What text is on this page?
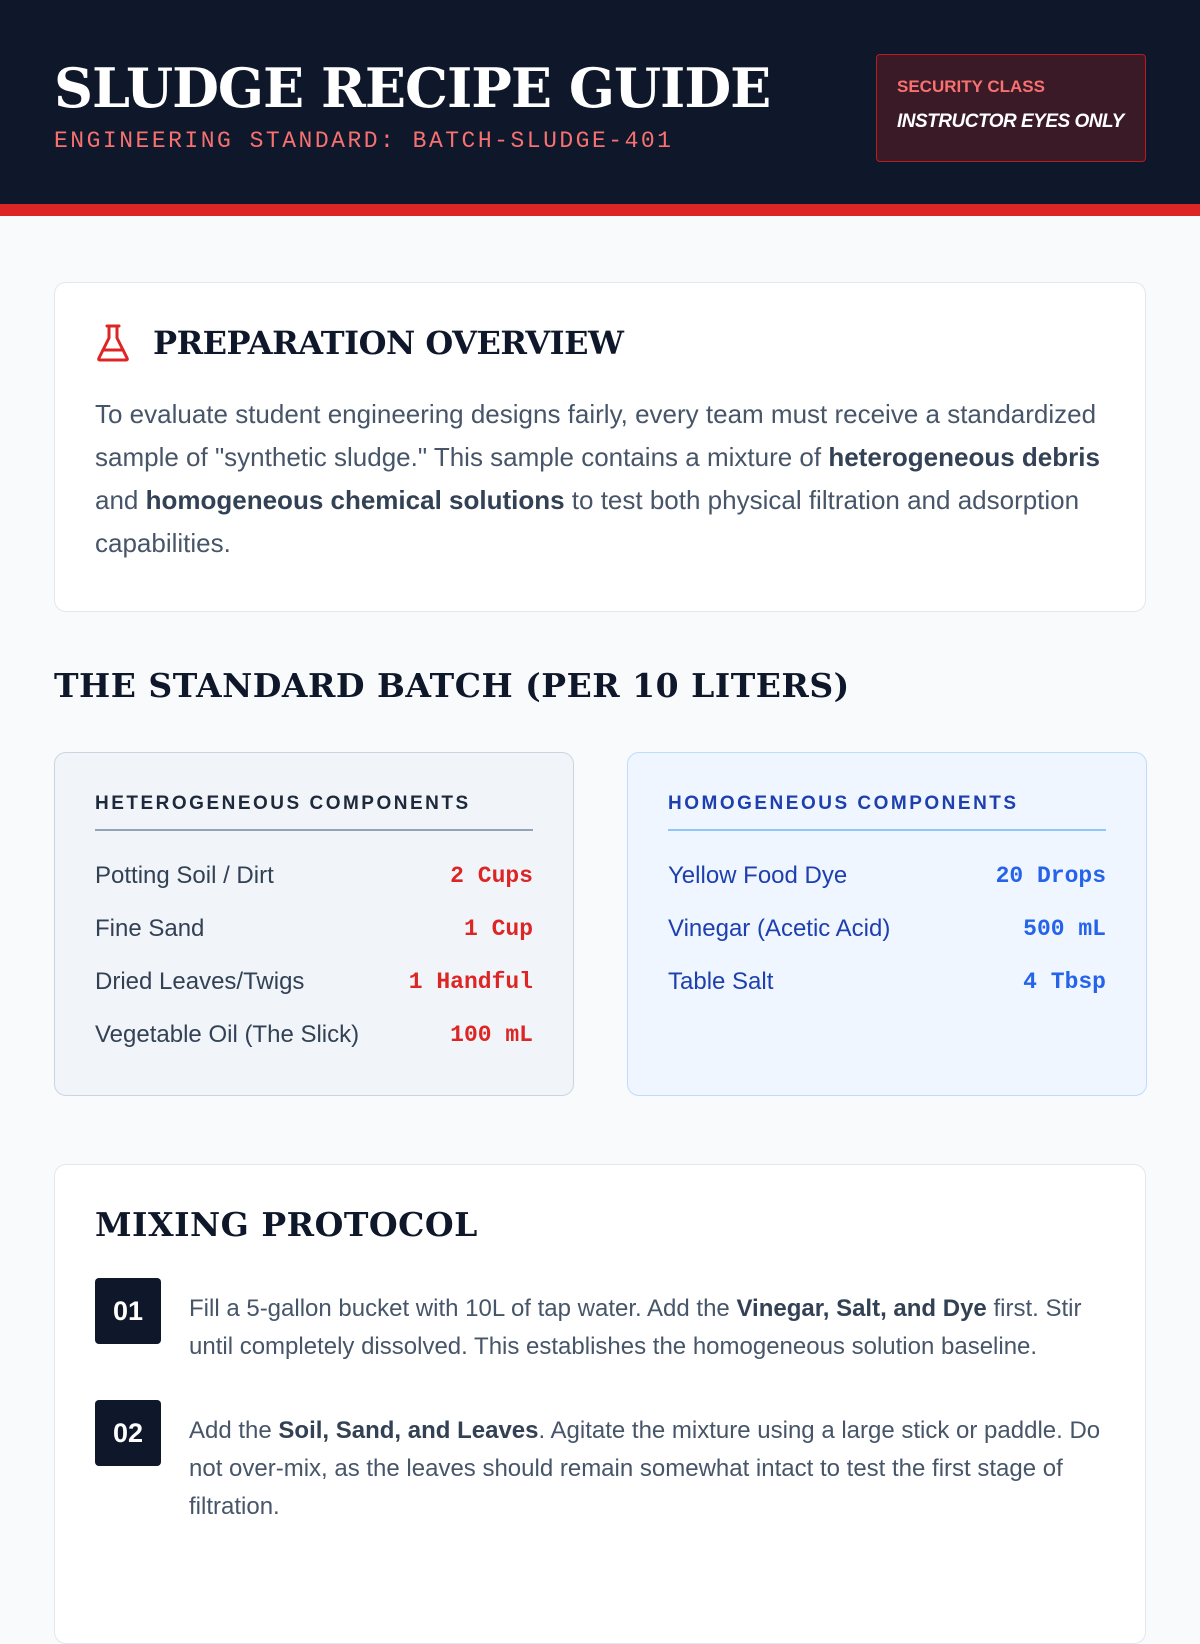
SLUDGE RECIPE GUIDE
ENGINEERING STANDARD: BATCH-SLUDGE-401
SECURITY CLASS
INSTRUCTOR EYES ONLY
PREPARATION OVERVIEW

To evaluate student engineering designs fairly, every team must receive a standardized sample of "synthetic sludge." This sample contains a mixture of heterogeneous debris and homogeneous chemical solutions to test both physical filtration and adsorption capabilities.

THE STANDARD BATCH (PER 10 LITERS)
HETEROGENEOUS COMPONENTS
Potting Soil / Dirt	2 Cups
Fine Sand	1 Cup
Dried Leaves/Twigs	1 Handful
Vegetable Oil (The Slick)	100 mL
HOMOGENEOUS COMPONENTS
Yellow Food Dye	20 Drops
Vinegar (Acetic Acid)	500 mL
Table Salt	4 Tbsp
MIXING PROTOCOL
01	Fill a 5-gallon bucket with 10L of tap water. Add the Vinegar, Salt, and Dye first. Stir until completely dissolved. This establishes the homogeneous solution baseline.

02	Add the Soil, Sand, and Leaves. Agitate the mixture using a large stick or paddle. Do not over-mix, as the leaves should remain somewhat intact to test the first stage of filtration.
